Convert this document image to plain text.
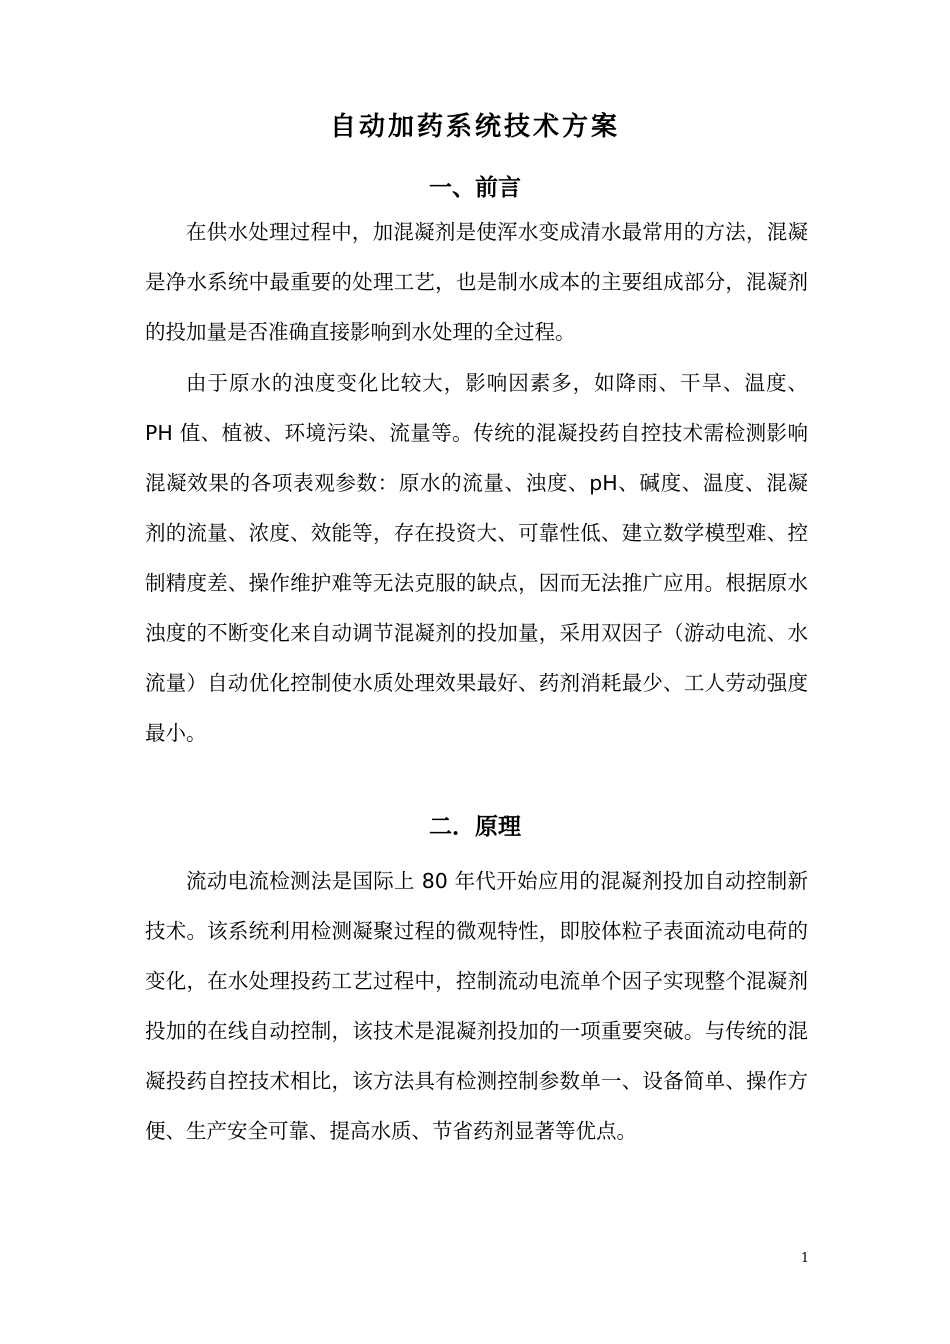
自动加药系统技术方案
一、前言

在供水处理过程中，加混凝剂是使浑水变成清水最常用的方法，混凝是净水系统中最重要的处理工艺，也是制水成本的主要组成部分，混凝剂的投加量是否准确直接影响到水处理的全过程。

由于原水的浊度变化比较大，影响因素多，如降雨、干旱、温度、PH 值、植被、环境污染、流量等。传统的混凝投药自控技术需检测影响混凝效果的各项表观参数：原水的流量、浊度、pH、碱度、温度、混凝剂的流量、浓度、效能等，存在投资大、可靠性低、建立数学模型难、控制精度差、操作维护难等无法克服的缺点，因而无法推广应用。根据原水浊度的不断变化来自动调节混凝剂的投加量，采用双因子（游动电流、水流量）自动优化控制使水质处理效果最好、药剂消耗最少、工人劳动强度最小。

二．原理

流动电流检测法是国际上 80 年代开始应用的混凝剂投加自动控制新技术。该系统利用检测凝聚过程的微观特性，即胶体粒子表面流动电荷的变化，在水处理投药工艺过程中，控制流动电流单个因子实现整个混凝剂投加的在线自动控制，该技术是混凝剂投加的一项重要突破。与传统的混凝投药自控技术相比，该方法具有检测控制参数单一、设备简单、操作方便、生产安全可靠、提高水质、节省药剂显著等优点。

1
